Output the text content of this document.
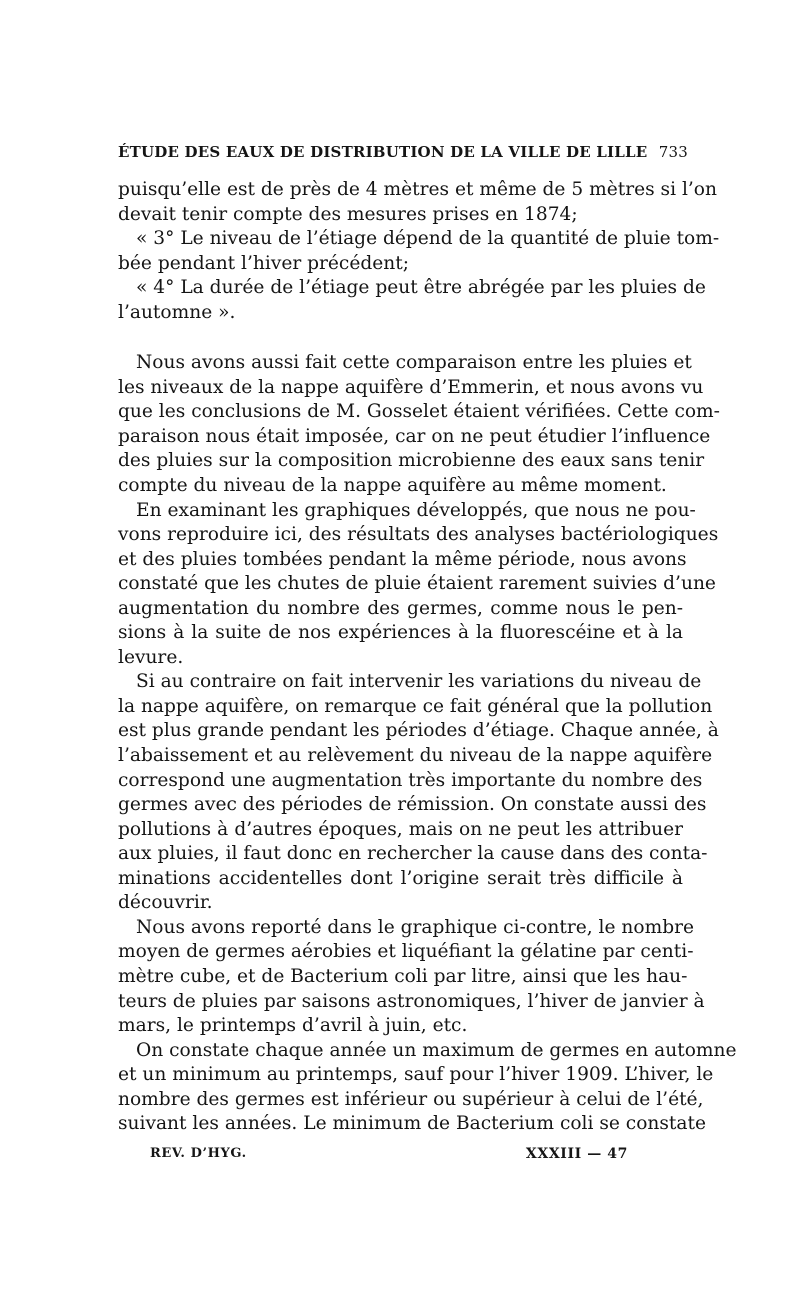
ÉTUDE DES EAUX DE DISTRIBUTION DE LA VILLE DE LILLE 733
puisqu’elle est de près de 4 mètres et même de 5 mètres si l’on
devait tenir compte des mesures prises en 1874;
« 3° Le niveau de l’étiage dépend de la quantité de pluie tom-
bée pendant l’hiver précédent;
« 4° La durée de l’étiage peut être abrégée par les pluies de
l’automne ».
Nous avons aussi fait cette comparaison entre les pluies et
les niveaux de la nappe aquifère d’Emmerin, et nous avons vu
que les conclusions de M. Gosselet étaient vérifiées. Cette com-
paraison nous était imposée, car on ne peut étudier l’influence
des pluies sur la composition microbienne des eaux sans tenir
compte du niveau de la nappe aquifère au même moment.
En examinant les graphiques développés, que nous ne pou-
vons reproduire ici, des résultats des analyses bactériologiques
et des pluies tombées pendant la même période, nous avons
constaté que les chutes de pluie étaient rarement suivies d’une
augmentation du nombre des germes, comme nous le pen-
sions à la suite de nos expériences à la fluorescéine et à la
levure.
Si au contraire on fait intervenir les variations du niveau de
la nappe aquifère, on remarque ce fait général que la pollution
est plus grande pendant les périodes d’étiage. Chaque année, à
l’abaissement et au relèvement du niveau de la nappe aquifère
correspond une augmentation très importante du nombre des
germes avec des périodes de rémission. On constate aussi des
pollutions à d’autres époques, mais on ne peut les attribuer
aux pluies, il faut donc en rechercher la cause dans des conta-
minations accidentelles dont l’origine serait très difficile à
découvrir.
Nous avons reporté dans le graphique ci-contre, le nombre
moyen de germes aérobies et liquéfiant la gélatine par centi-
mètre cube, et de Bacterium coli par litre, ainsi que les hau-
teurs de pluies par saisons astronomiques, l’hiver de janvier à
mars, le printemps d’avril à juin, etc.
On constate chaque année un maximum de germes en automne
et un minimum au printemps, sauf pour l’hiver 1909. L’hiver, le
nombre des germes est inférieur ou supérieur à celui de l’été,
suivant les années. Le minimum de Bacterium coli se constate
REV. D’HYG.	XXXIII — 47
